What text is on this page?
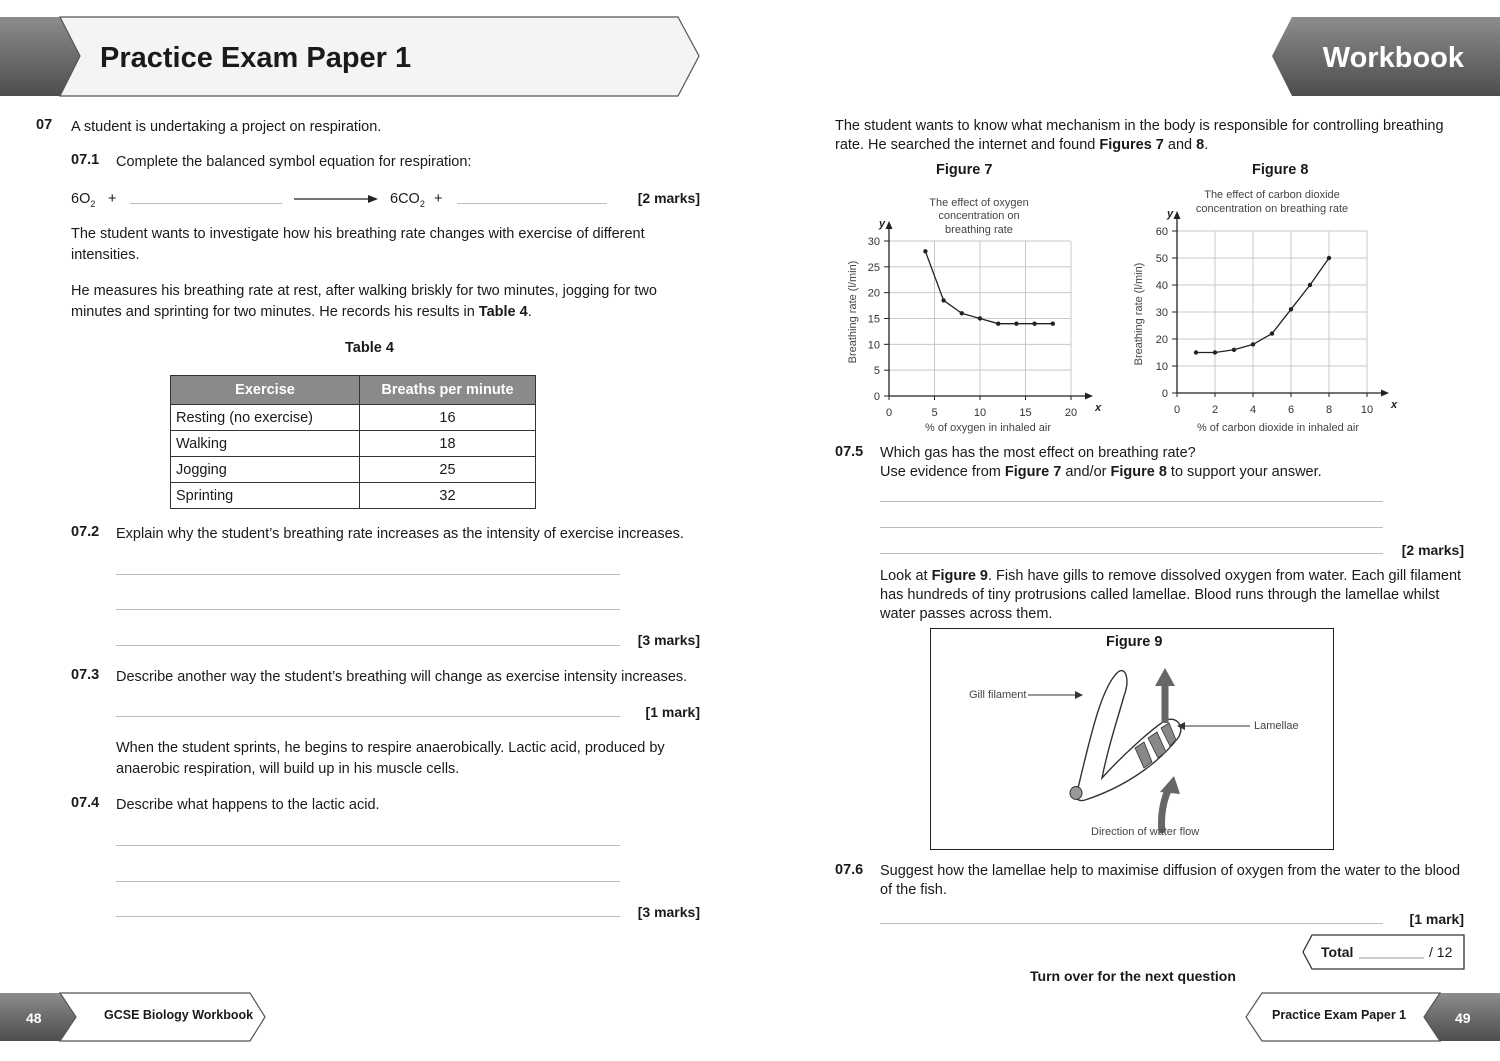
Practice Exam Paper 1	Workbook
48	GCSE Biology Workbook	Practice Exam Paper 1	49
07 A student is undertaking a project on respiration.
07.1 Complete the balanced symbol equation for respiration:
$6O_2$ +	$6CO_2$ +	[2 marks]
The student wants to investigate how his breathing rate changes with exercise of different intensities.
He measures his breathing rate at rest, after walking briskly for two minutes, jogging for two minutes and sprinting for two minutes. He records his results in Table 4.
Table 4
Exercise	Breaths per minute
Resting (no exercise)	16
Walking	18
Jogging	25
Sprinting	32
07.2 Explain why the student’s breathing rate increases as the intensity of exercise increases.
[3 marks]
07.3 Describe another way the student’s breathing will change as exercise intensity increases.
[1 mark]
When the student sprints, he begins to respire anaerobically. Lactic acid, produced by anaerobic respiration, will build up in his muscle cells.
07.4 Describe what happens to the lactic acid.
[3 marks]
The student wants to know what mechanism in the body is responsible for controlling breathing rate. He searched the internet and found Figures 7 and 8.
Figure 7	Figure 8
The effect of oxygen
concentration on
breathing rate
Breathing rate (l/min)
% of oxygen in inhaled air
x
y
0	5	10	15	20
0
5
10
15
20
25
30
The effect of carbon dioxide
concentration on breathing rate
Breathing rate (l/min)
% of carbon dioxide in inhaled air
x
y
0	2	4	6	8	10
0
10
20
30
40
50
60
07.5 Which gas has the most effect on breathing rate?
Use evidence from Figure 7 and/or Figure 8 to support your answer.
[2 marks]
Look at Figure 9. Fish have gills to remove dissolved oxygen from water. Each gill filament has hundreds of tiny protrusions called lamellae. Blood runs through the lamellae whilst water passes across them.
Figure 9
Gill filament
Lamellae
Direction of water flow
07.6 Suggest how the lamellae help to maximise diffusion of oxygen from the water to the blood of the fish.
[1 mark]
Total	/ 12
Turn over for the next question
